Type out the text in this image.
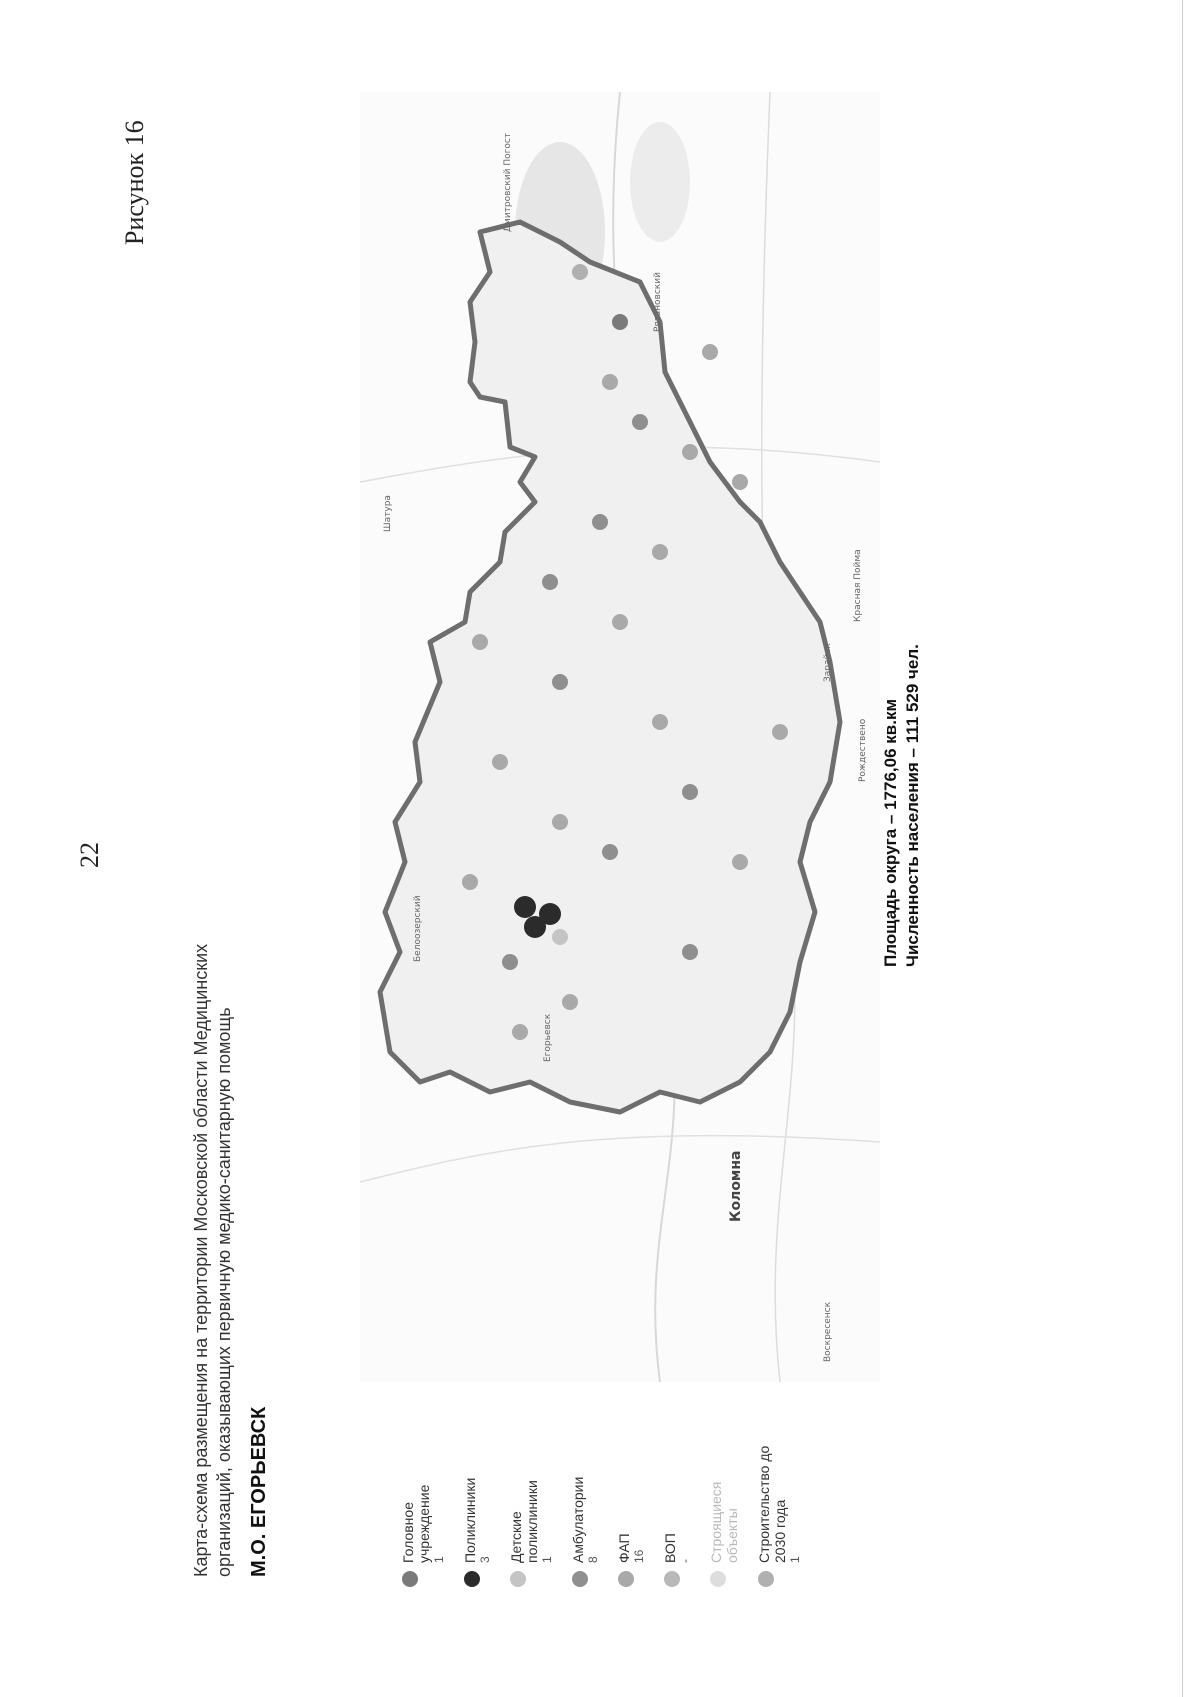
22
Рисунок 16
Карта-схема размещения на территории Московской области Медицинских организаций, оказывающих первичную медико-санитарную помощь М.О. ЕГОРЬЕВСК	Головное учреждение 1 Поликлиники 3 Детские поликлиники 1 Амбулатории 8 ФАП 16 ВОП - Строящиеся объекты Строительство до 2030 года 1
Егорьевск
Рязановский
Дмитровский Погост
Коломна
Воскресенск
Зарайск
Шатура
Красная Пойма
Рождествено
Белоозерский	Площадь округа – 1776,06 кв.км Численность населения – 111 529 чел.
